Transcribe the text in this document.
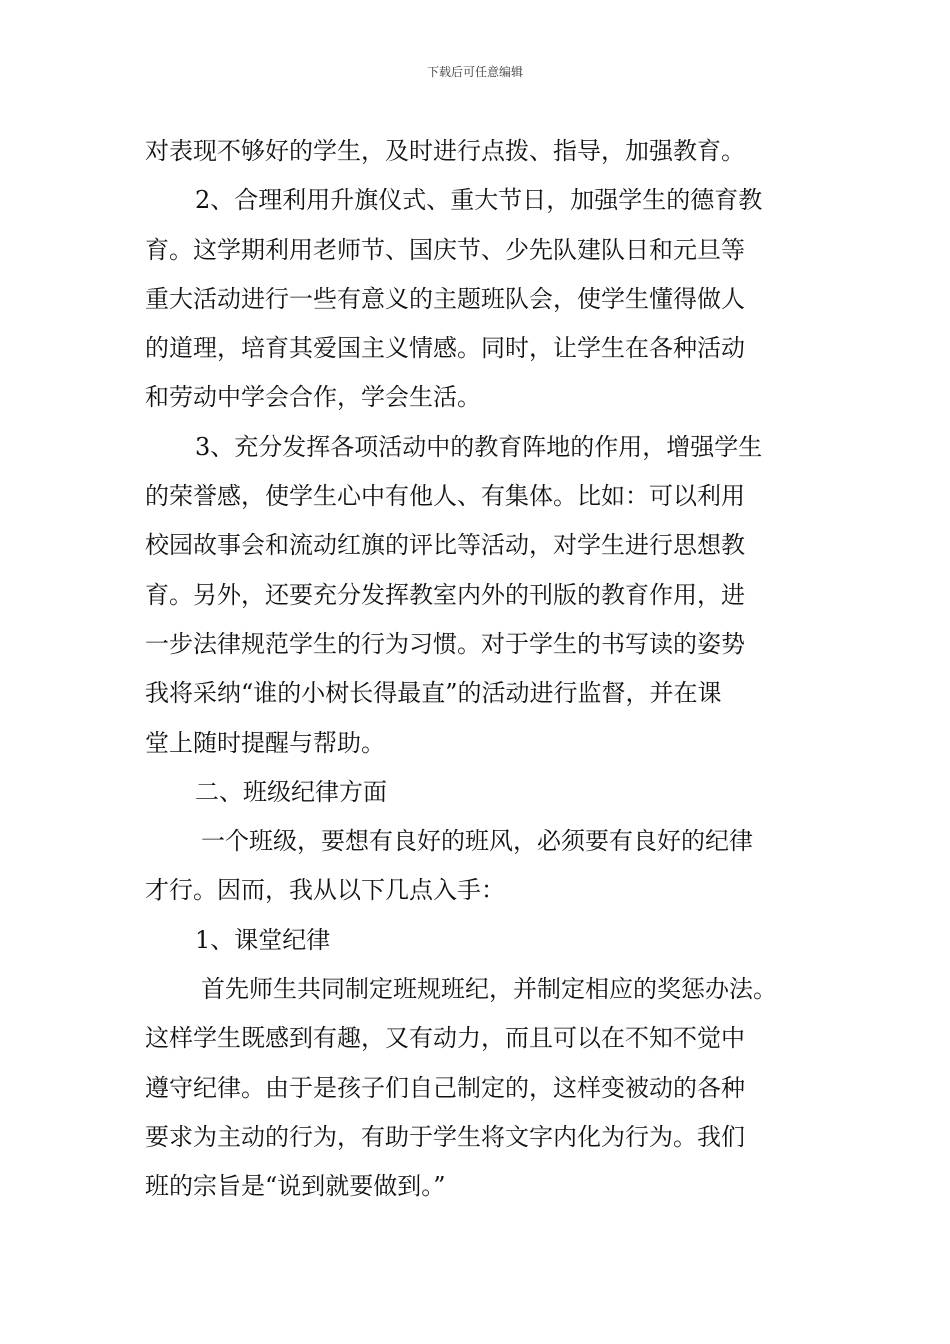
下载后可任意编辑
对表现不够好的学生，及时进行点拨、指导，加强教育。
2、合理利用升旗仪式、重大节日，加强学生的德育教
育。这学期利用老师节、国庆节、少先队建队日和元旦等
重大活动进行一些有意义的主题班队会，使学生懂得做人
的道理，培育其爱国主义情感。同时，让学生在各种活动
和劳动中学会合作，学会生活。
3、充分发挥各项活动中的教育阵地的作用，增强学生
的荣誉感，使学生心中有他人、有集体。比如：可以利用
校园故事会和流动红旗的评比等活动，对学生进行思想教
育。另外，还要充分发挥教室内外的刊版的教育作用，进
一步法律规范学生的行为习惯。对于学生的书写读的姿势
我将采纳“谁的小树长得最直”的活动进行监督，并在课
堂上随时提醒与帮助。
二、班级纪律方面
一个班级，要想有良好的班风，必须要有良好的纪律
才行。因而，我从以下几点入手：
1、课堂纪律
首先师生共同制定班规班纪，并制定相应的奖惩办法。
这样学生既感到有趣，又有动力，而且可以在不知不觉中
遵守纪律。由于是孩子们自己制定的，这样变被动的各种
要求为主动的行为，有助于学生将文字内化为行为。我们
班的宗旨是“说到就要做到。”
